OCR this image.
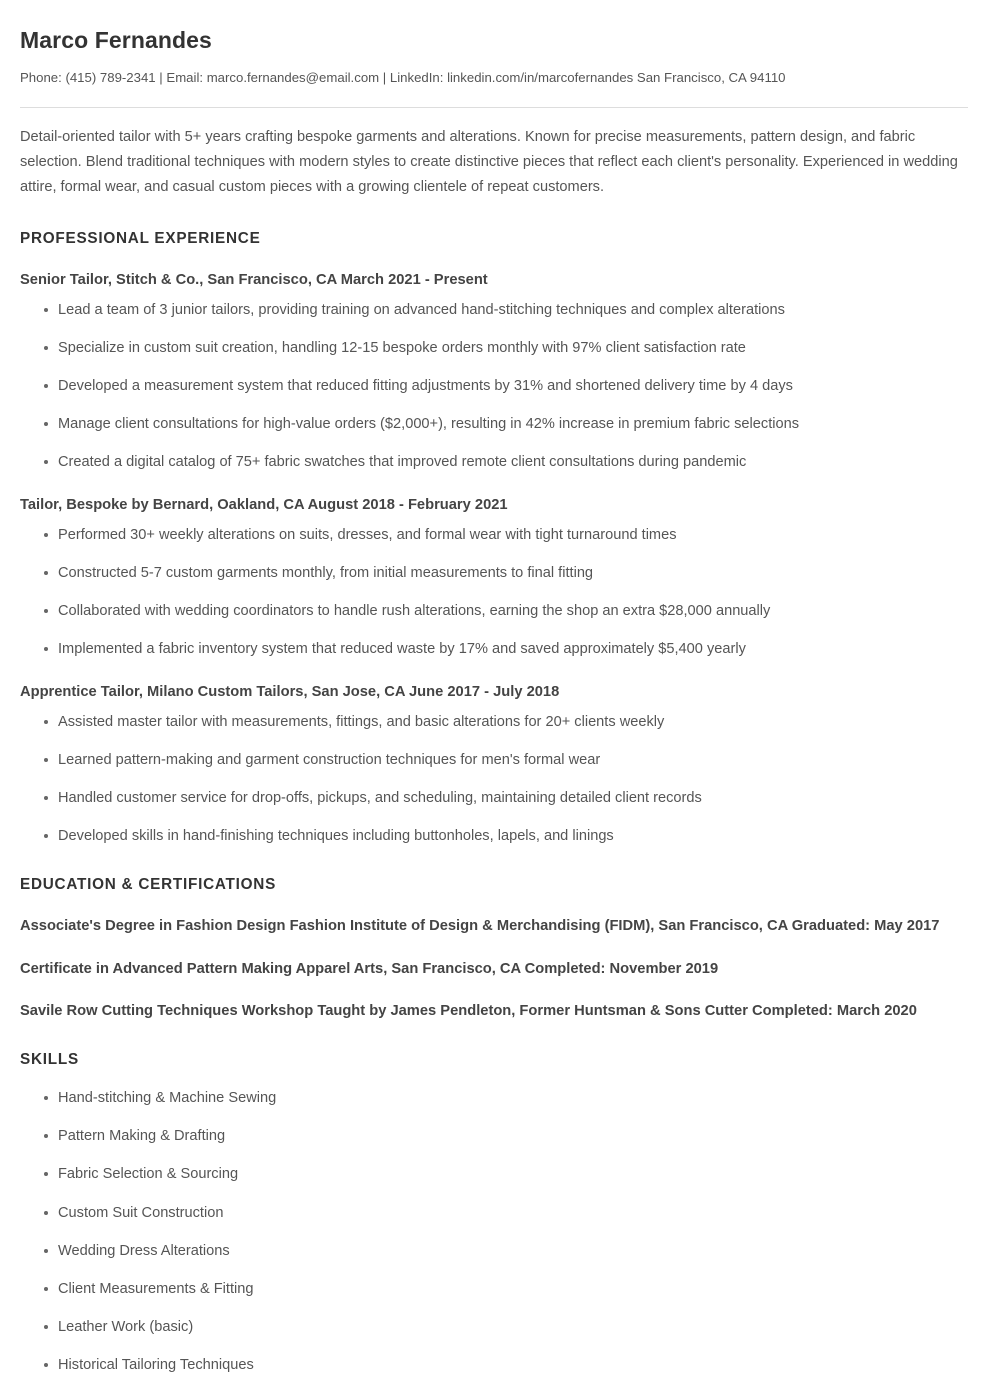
Marco Fernandes

Phone: (415) 789-2341 | Email: marco.fernandes@email.com | LinkedIn: linkedin.com/in/marcofernandes San Francisco, CA 94110

Detail-oriented tailor with 5+ years crafting bespoke garments and alterations. Known for precise measurements, pattern design, and fabric selection. Blend traditional techniques with modern styles to create distinctive pieces that reflect each client's personality. Experienced in wedding attire, formal wear, and casual custom pieces with a growing clientele of repeat customers.

PROFESSIONAL EXPERIENCE
Senior Tailor, Stitch & Co., San Francisco, CA March 2021 - Present
Lead a team of 3 junior tailors, providing training on advanced hand-stitching techniques and complex alterations
Specialize in custom suit creation, handling 12-15 bespoke orders monthly with 97% client satisfaction rate
Developed a measurement system that reduced fitting adjustments by 31% and shortened delivery time by 4 days
Manage client consultations for high-value orders ($2,000+), resulting in 42% increase in premium fabric selections
Created a digital catalog of 75+ fabric swatches that improved remote client consultations during pandemic
Tailor, Bespoke by Bernard, Oakland, CA August 2018 - February 2021
Performed 30+ weekly alterations on suits, dresses, and formal wear with tight turnaround times
Constructed 5-7 custom garments monthly, from initial measurements to final fitting
Collaborated with wedding coordinators to handle rush alterations, earning the shop an extra $28,000 annually
Implemented a fabric inventory system that reduced waste by 17% and saved approximately $5,400 yearly
Apprentice Tailor, Milano Custom Tailors, San Jose, CA June 2017 - July 2018
Assisted master tailor with measurements, fittings, and basic alterations for 20+ clients weekly
Learned pattern-making and garment construction techniques for men's formal wear
Handled customer service for drop-offs, pickups, and scheduling, maintaining detailed client records
Developed skills in hand-finishing techniques including buttonholes, lapels, and linings
EDUCATION & CERTIFICATIONS
Associate's Degree in Fashion Design Fashion Institute of Design & Merchandising (FIDM), San Francisco, CA Graduated: May 2017
Certificate in Advanced Pattern Making Apparel Arts, San Francisco, CA Completed: November 2019
Savile Row Cutting Techniques Workshop Taught by James Pendleton, Former Huntsman & Sons Cutter Completed: March 2020
SKILLS
Hand-stitching & Machine Sewing
Pattern Making & Drafting
Fabric Selection & Sourcing
Custom Suit Construction
Wedding Dress Alterations
Client Measurements & Fitting
Leather Work (basic)
Historical Tailoring Techniques
